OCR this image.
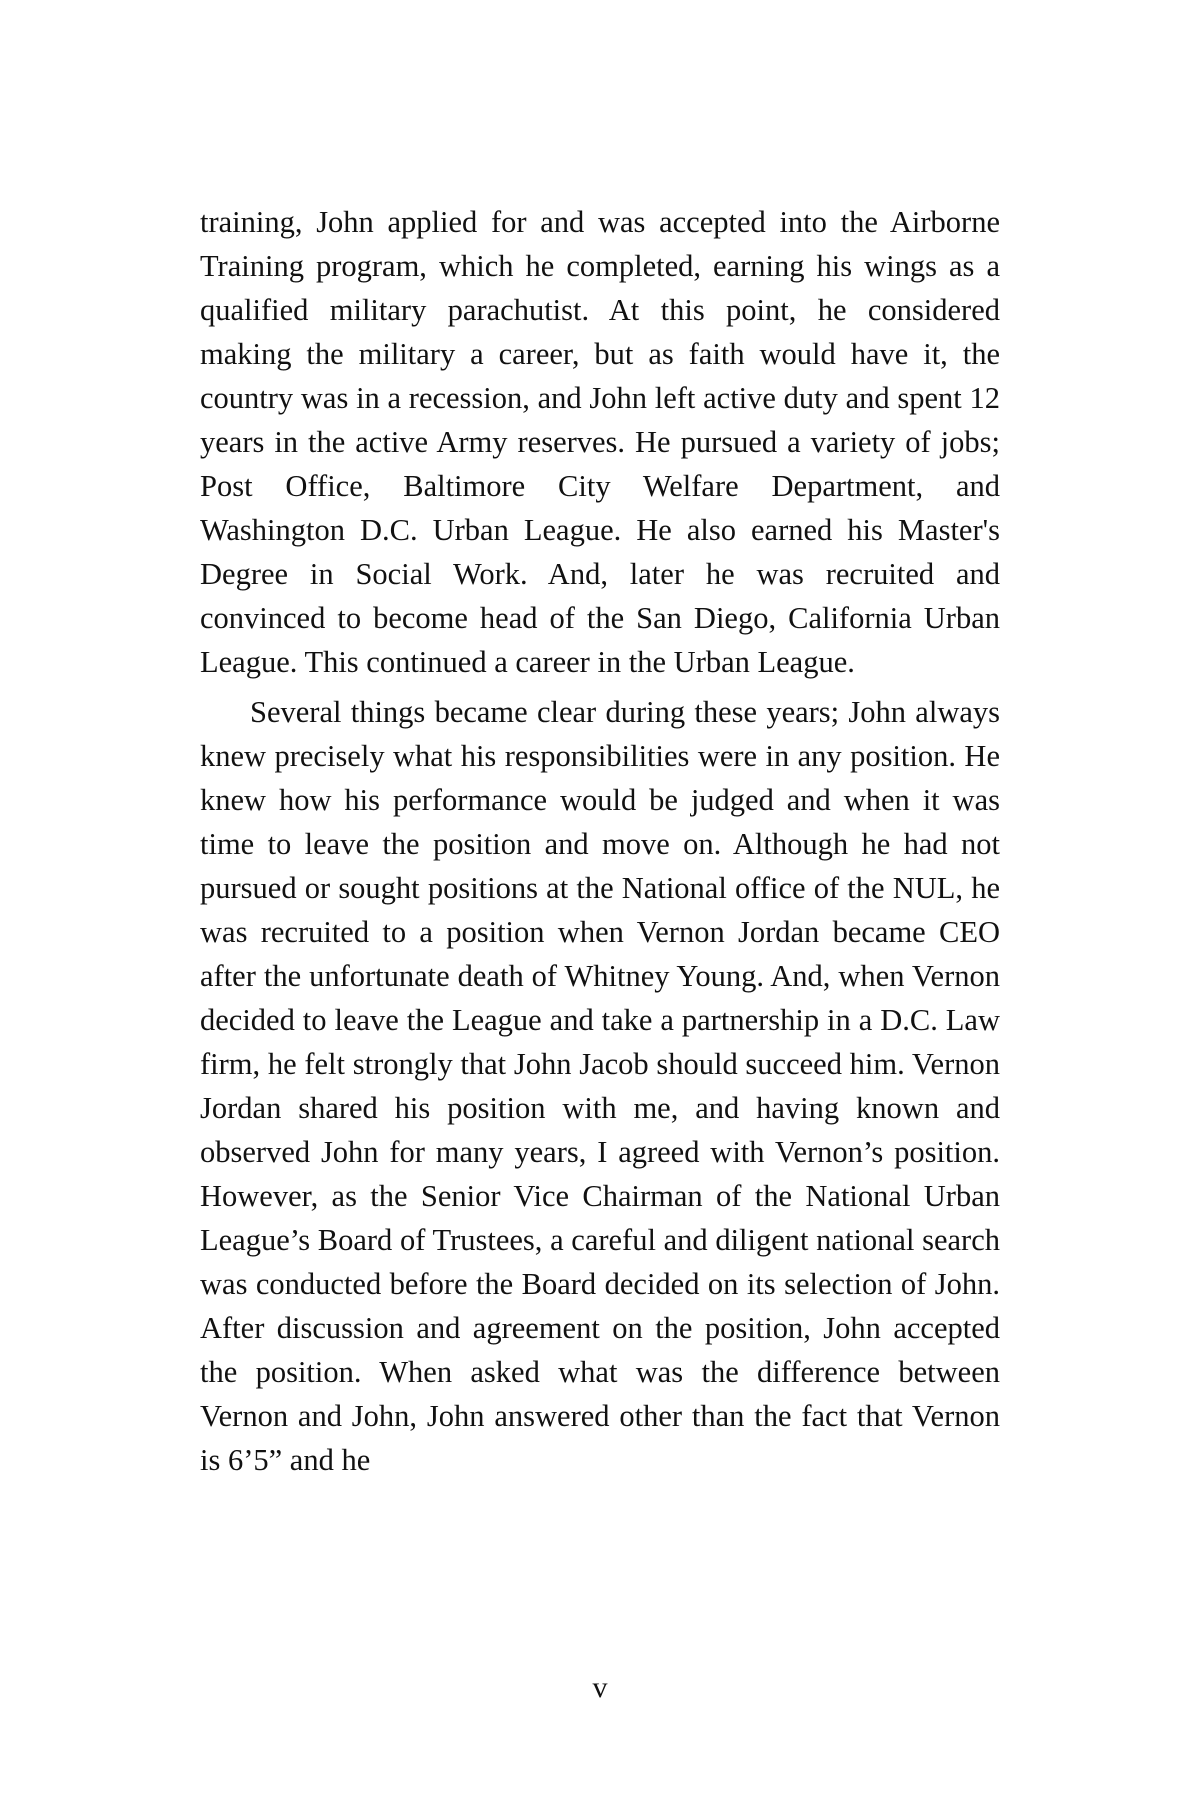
training, John applied for and was accepted into the Airborne Training program, which he completed, earning his wings as a qualified military parachutist. At this point, he considered making the military a career, but as faith would have it, the country was in a recession, and John left active duty and spent 12 years in the active Army reserves. He pursued a variety of jobs; Post Office, Baltimore City Welfare Department, and Washington D.C. Urban League. He also earned his Master's Degree in Social Work. And, later he was recruited and convinced to become head of the San Diego, California Urban League. This continued a career in the Urban League.

Several things became clear during these years; John always knew precisely what his responsibilities were in any position. He knew how his performance would be judged and when it was time to leave the position and move on. Although he had not pursued or sought positions at the National office of the NUL, he was recruited to a position when Vernon Jordan became CEO after the unfortunate death of Whitney Young. And, when Vernon decided to leave the League and take a partnership in a D.C. Law firm, he felt strongly that John Jacob should succeed him. Vernon Jordan shared his position with me, and having known and observed John for many years, I agreed with Vernon’s position. However, as the Senior Vice Chairman of the National Urban League’s Board of Trustees, a careful and diligent national search was conducted before the Board decided on its selection of John. After discussion and agreement on the position, John accepted the position. When asked what was the difference between Vernon and John, John answered other than the fact that Vernon is 6’5” and he

v
